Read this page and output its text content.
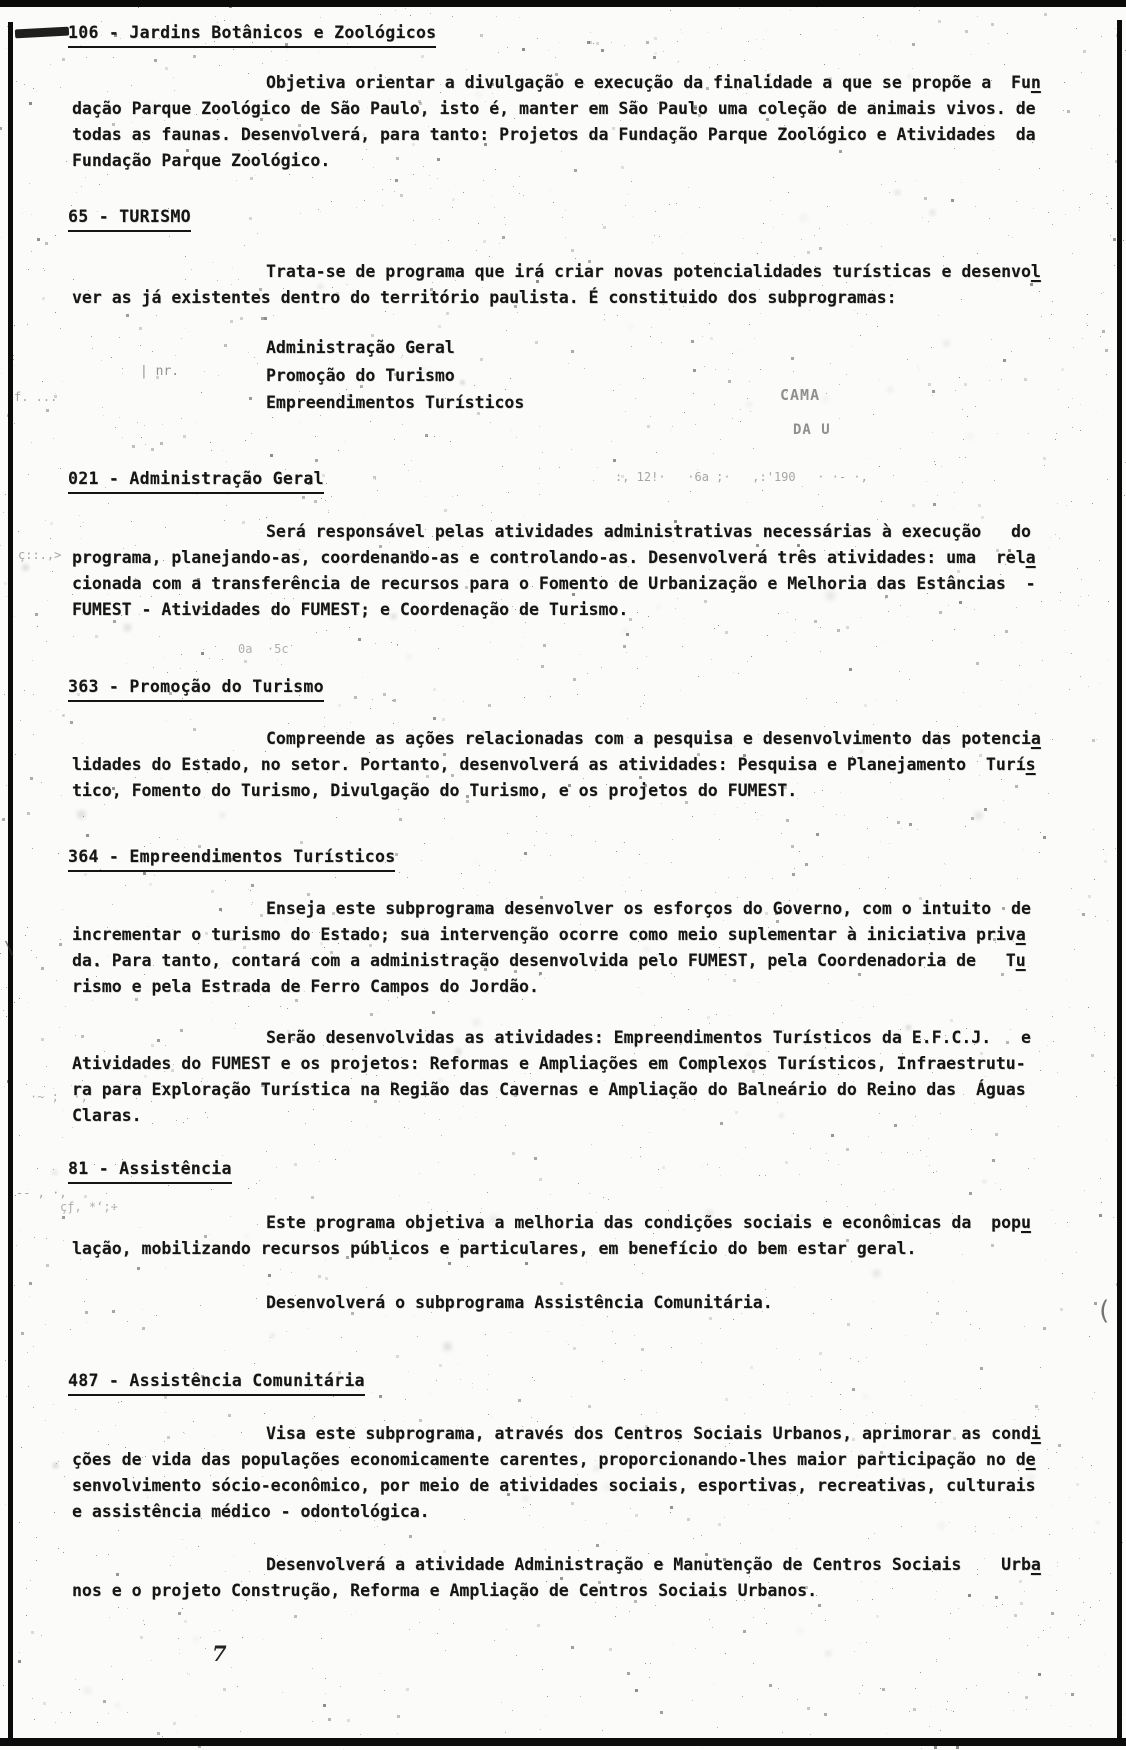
106 - Jardins Botânicos e Zoológicos
Objetiva orientar a divulgação e execução da finalidade a que se propõe a  Fun
dação Parque Zoológico de São Paulo, isto é, manter em São Paulo uma coleção de animais vivos. de
todas as faunas. Desenvolverá, para tanto: Projetos da Fundação Parque Zoológico e Atividades  da
Fundação Parque Zoológico.
65 - TURISMO
Trata-se de programa que irá criar novas potencialidades turísticas e desenvol
ver as já existentes dentro do território paulista. É constituido dos subprogramas:
Administração Geral
Promoção do Turismo
Empreendimentos Turísticos	CAMA
DA U
021 - Administração Geral
Será responsável pelas atividades administrativas necessárias à execução   do
programa, planejando-as, coordenando-as e controlando-as. Desenvolverá três atividades: uma  rela
cionada com a transferência de recursos para o Fomento de Urbanização e Melhoria das Estâncias  -
FUMEST - Atividades do FUMEST; e Coordenação de Turismo.
363 - Promoção do Turismo
Compreende as ações relacionadas com a pesquisa e desenvolvimento das potencia
lidades do Estado, no setor. Portanto, desenvolverá as atividades: Pesquisa e Planejamento  Turís
tico, Fomento do Turismo, Divulgação do Turismo, e os projetos do FUMEST.
364 - Empreendimentos Turísticos
Enseja este subprograma desenvolver os esforços do Governo, com o intuito  de
incrementar o turismo do Estado; sua intervenção ocorre como meio suplementar à iniciativa priva
da. Para tanto, contará com a administração desenvolvida pelo FUMEST, pela Coordenadoria de   Tu
rismo e pela Estrada de Ferro Campos do Jordão.
Serão desenvolvidas as atividades: Empreendimentos Turísticos da E.F.C.J.   e
Atividades do FUMEST e os projetos: Reformas e Ampliações em Complexos Turísticos, Infraestrutu-
ra para Exploração Turística na Região das Cavernas e Ampliação do Balneário do Reino das  Águas
Claras.
81 - Assistência
Este programa objetiva a melhoria das condições sociais e econômicas da  popu
lação, mobilizando recursos públicos e particulares, em benefício do bem estar geral.
Desenvolverá o subprograma Assistência Comunitária.
487 - Assistência Comunitária
Visa este subprograma, através dos Centros Sociais Urbanos, aprimorar as condi
ções de vida das populações economicamente carentes, proporcionando-lhes maior participação no de
senvolvimento sócio-econômico, por meio de atividades sociais, esportivas, recreativas, culturais
e assistência médico - odontológica.
Desenvolverá a atividade Administração e Manutenção de Centros Sociais    Urba
nos e o projeto Construção, Reforma e Ampliação de Centros Sociais Urbanos.
7
| nr.
:, 12!·   ·6a ;·   ,:'190   · ·- ·,
0a  ·5c
ç::.,>
f. ...
(
\
-- , ·,
·~ ;  ·,
çƒ, *ʻ;÷
